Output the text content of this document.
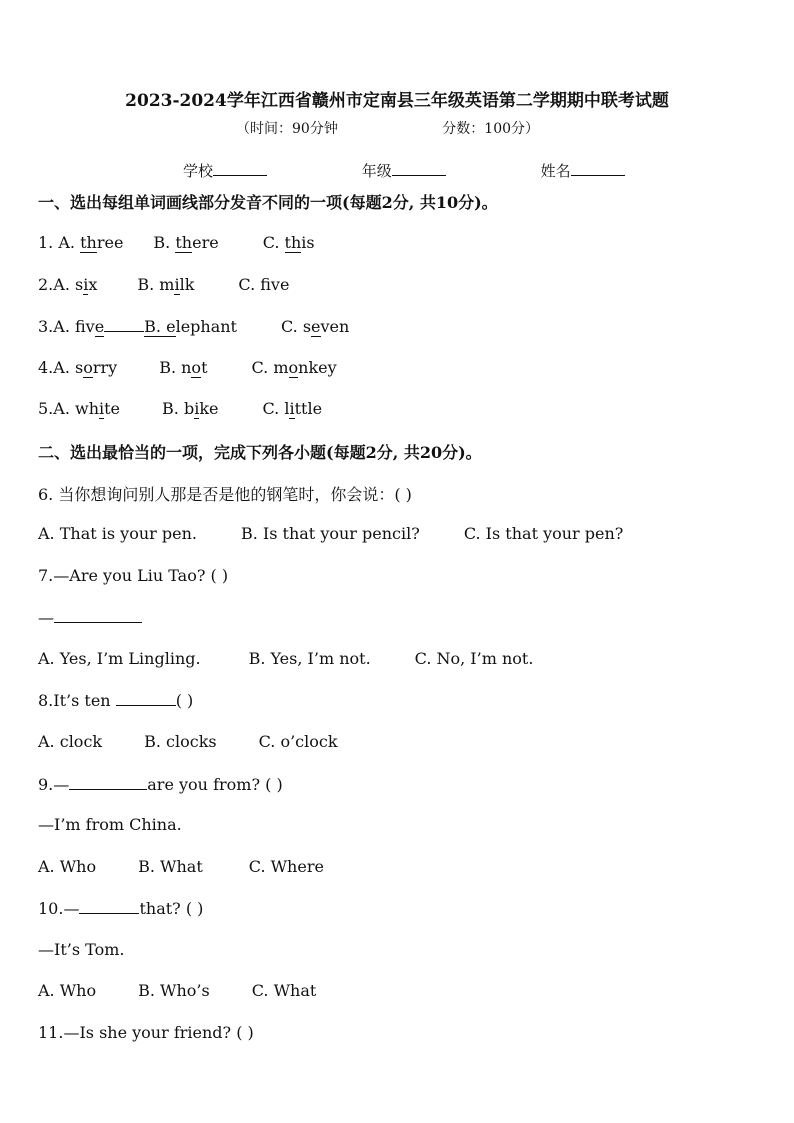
2023-2024学年江西省赣州市定南县三年级英语第二学期期中联考试题
（时间：90分钟	分数：100分）
学校	年级	姓名
一、选出每组单词画线部分发音不同的一项(每题2分, 共10分)。
1. A. three B. there	C. this
2.A. six	B. milk	C. fve
3.A. five	B. elephant	C. seven
4.A. sorry	B. not	C. monkey
5.A. white	B. bike	C. little
二、选出最恰当的一项，完成下列各小题(每题2分, 共20分)。
6. 当你想询问别人那是否是他的钢笔时，你会说：( )
A. That is your pen.	B. Is that your pencil?	C. Is that your pen?
7.—Are you Liu Tao? ( )
—
A. Yes, I’m Lingling.	B. Yes, I’m not.	C. No, I’m not.
8.It’s ten	( )
A. clock	B. clocks	C. o’clock
9.—	are you from? ( )
—I’m from China.
A. Who	B. What	C. Where
10.—	that? ( )
—It’s Tom.
A. Who	B. Who’s	C. What
11.—Is she your friend? ( )
